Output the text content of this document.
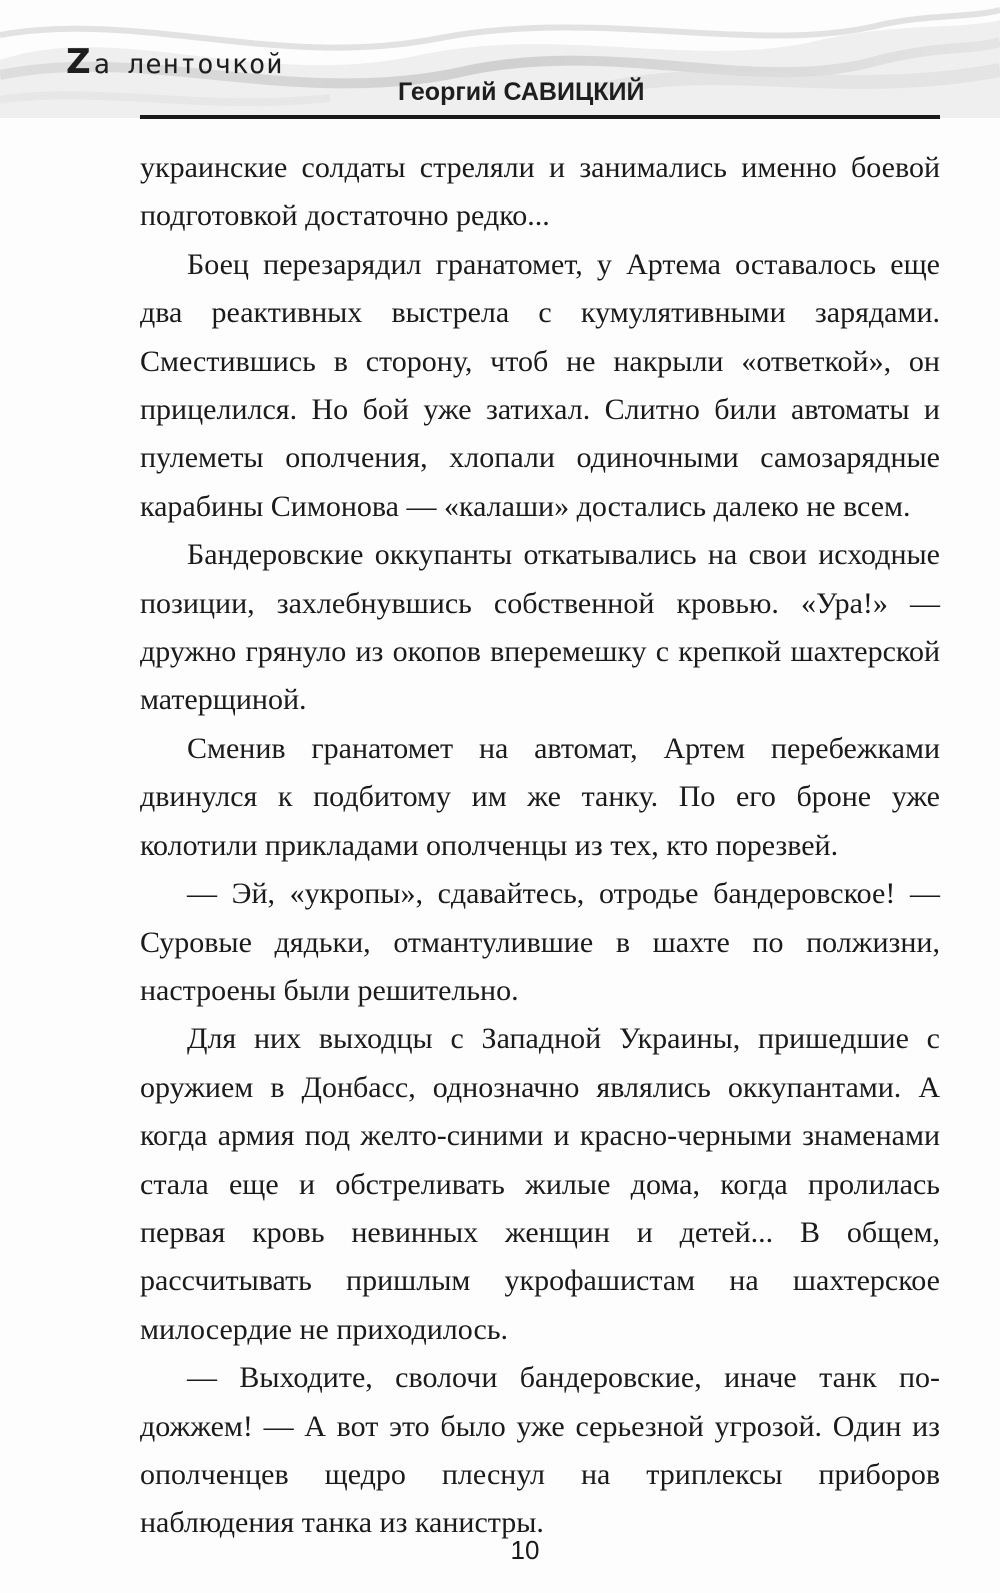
Zа ленточкой
Георгий САВИЦКИЙ

украинские солдаты стреляли и занимались именно боевой подготовкой достаточно редко...

Боец перезарядил гранатомет, у Артема оставалось еще два реактивных выстрела с кумулятивными зарядами. Сместившись в сторону, чтоб не накрыли «ответкой», он прицелился. Но бой уже затихал. Слитно били автоматы и пулеметы ополчения, хлопали одиночными самозарядные карабины Симонова — «калаши» достались далеко не всем.

Бандеровские оккупанты откатывались на свои исходные позиции, захлебнувшись собственной кровью. «Ура!» — дружно грянуло из окопов вперемешку с крепкой шахтерской матерщиной.

Сменив гранатомет на автомат, Артем перебежками двинулся к подбитому им же танку. По его броне уже колотили прикладами ополченцы из тех, кто порезвей.

— Эй, «укропы», сдавайтесь, отродье бандеровское! — Суровые дядьки, отмантулившие в шахте по полжизни, настроены были решительно.

Для них выходцы с Западной Украины, пришедшие с оружием в Донбасс, однозначно являлись оккупантами. А когда армия под желто-синими и красно-черными знаменами стала еще и обстреливать жилые дома, когда пролилась первая кровь невинных женщин и детей... В общем, рассчитывать пришлым укрофашистам на шахтерское милосердие не приходилось.

— Выходите, сволочи бандеровские, иначе танк подожжем! — А вот это было уже серьезной угрозой. Один из ополченцев щедро плеснул на триплексы приборов наблюдения танка из канистры.

10
